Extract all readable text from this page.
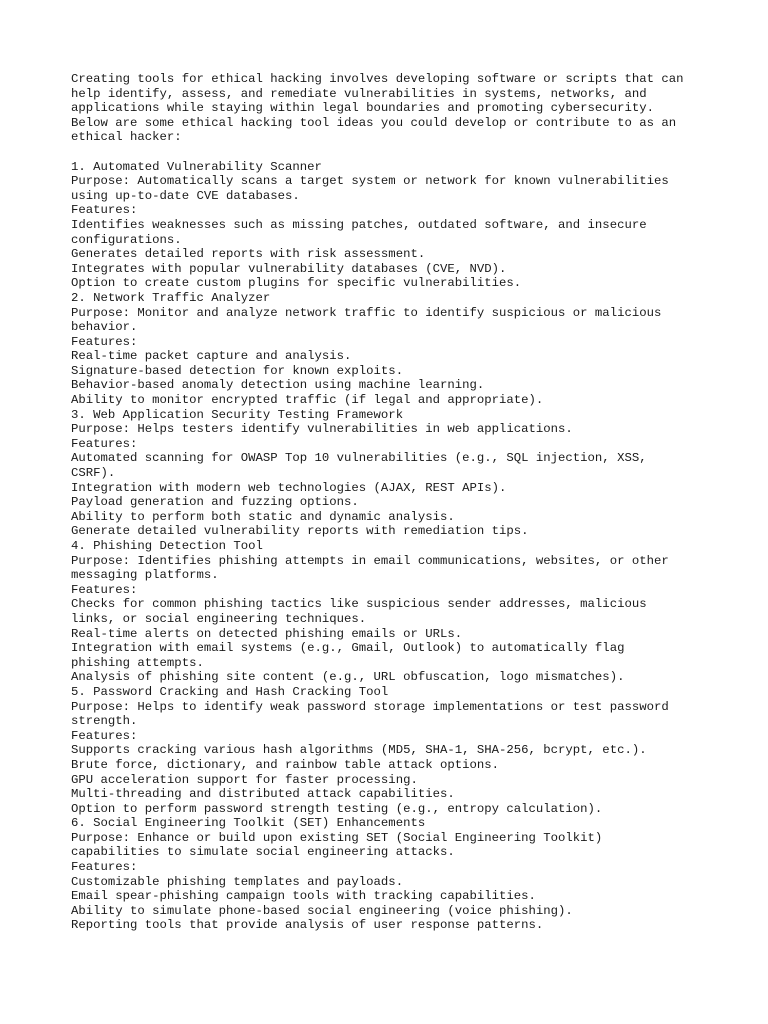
Creating tools for ethical hacking involves developing software or scripts that can

help identify, assess, and remediate vulnerabilities in systems, networks, and

applications while staying within legal boundaries and promoting cybersecurity.

Below are some ethical hacking tool ideas you could develop or contribute to as an

ethical hacker:

1. Automated Vulnerability Scanner

Purpose: Automatically scans a target system or network for known vulnerabilities

using up-to-date CVE databases.

Features:

Identifies weaknesses such as missing patches, outdated software, and insecure

configurations.

Generates detailed reports with risk assessment.

Integrates with popular vulnerability databases (CVE, NVD).

Option to create custom plugins for specific vulnerabilities.

2. Network Traffic Analyzer

Purpose: Monitor and analyze network traffic to identify suspicious or malicious

behavior.

Features:

Real-time packet capture and analysis.

Signature-based detection for known exploits.

Behavior-based anomaly detection using machine learning.

Ability to monitor encrypted traffic (if legal and appropriate).

3. Web Application Security Testing Framework

Purpose: Helps testers identify vulnerabilities in web applications.

Features:

Automated scanning for OWASP Top 10 vulnerabilities (e.g., SQL injection, XSS,

CSRF).

Integration with modern web technologies (AJAX, REST APIs).

Payload generation and fuzzing options.

Ability to perform both static and dynamic analysis.

Generate detailed vulnerability reports with remediation tips.

4. Phishing Detection Tool

Purpose: Identifies phishing attempts in email communications, websites, or other

messaging platforms.

Features:

Checks for common phishing tactics like suspicious sender addresses, malicious

links, or social engineering techniques.

Real-time alerts on detected phishing emails or URLs.

Integration with email systems (e.g., Gmail, Outlook) to automatically flag

phishing attempts.

Analysis of phishing site content (e.g., URL obfuscation, logo mismatches).

5. Password Cracking and Hash Cracking Tool

Purpose: Helps to identify weak password storage implementations or test password

strength.

Features:

Supports cracking various hash algorithms (MD5, SHA-1, SHA-256, bcrypt, etc.).

Brute force, dictionary, and rainbow table attack options.

GPU acceleration support for faster processing.

Multi-threading and distributed attack capabilities.

Option to perform password strength testing (e.g., entropy calculation).

6. Social Engineering Toolkit (SET) Enhancements

Purpose: Enhance or build upon existing SET (Social Engineering Toolkit)

capabilities to simulate social engineering attacks.

Features:

Customizable phishing templates and payloads.

Email spear-phishing campaign tools with tracking capabilities.

Ability to simulate phone-based social engineering (voice phishing).

Reporting tools that provide analysis of user response patterns.
